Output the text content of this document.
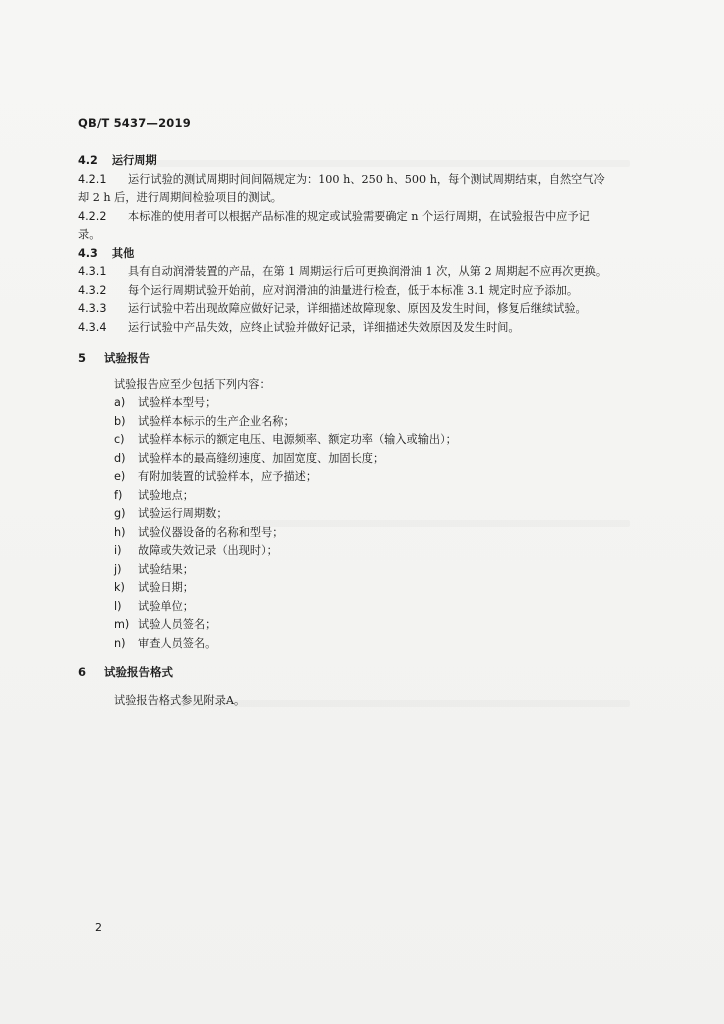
QB/T 5437—2019

4.2 运行周期

4.2.1 运行试验的测试周期时间间隔规定为：100 h、250 h、500 h，每个测试周期结束，自然空气冷

却 2 h 后，进行周期间检验项目的测试。

4.2.2 本标准的使用者可以根据产品标准的规定或试验需要确定 n 个运行周期，在试验报告中应予记

录。

4.3 其他

4.3.1 具有自动润滑装置的产品，在第 1 周期运行后可更换润滑油 1 次，从第 2 周期起不应再次更换。

4.3.2 每个运行周期试验开始前，应对润滑油的油量进行检查，低于本标准 3.1 规定时应予添加。

4.3.3 运行试验中若出现故障应做好记录，详细描述故障现象、原因及发生时间，修复后继续试验。

4.3.4 运行试验中产品失效，应终止试验并做好记录，详细描述失效原因及发生时间。

5 试验报告

试验报告应至少包括下列内容：

a) 试验样本型号；
b) 试验样本标示的生产企业名称；
c) 试验样本标示的额定电压、电源频率、额定功率（输入或输出）；
d) 试验样本的最高缝纫速度、加固宽度、加固长度；
e) 有附加装置的试验样本，应予描述；
f) 试验地点；
g) 试验运行周期数；
h) 试验仪器设备的名称和型号；
i) 故障或失效记录（出现时）；
j) 试验结果；
k) 试验日期；
l) 试验单位；
m) 试验人员签名；
n) 审查人员签名。

6 试验报告格式

试验报告格式参见附录A。

2
